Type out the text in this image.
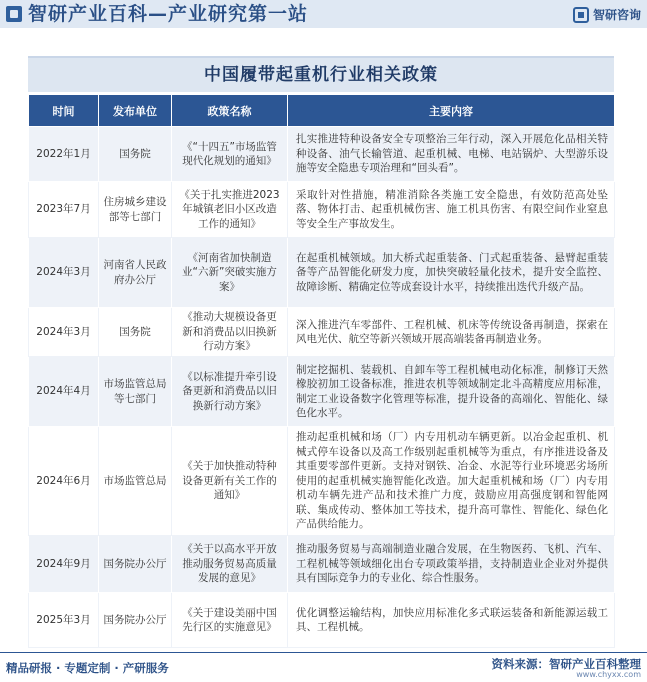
智研产业百科—产业研究第一站	智研咨询
中国履带起重机行业相关政策
时间	发布单位	政策名称	主要内容
2022年1月	国务院	《“十四五”市场监管现代化规划的通知》	扎实推进特种设备安全专项整治三年行动，深入开展危化品相关特种设备、油气长输管道、起重机械、电梯、电站锅炉、大型游乐设施等安全隐患专项治理和“回头看”。
2023年7月	住房城乡建设部等七部门	《关于扎实推进2023年城镇老旧小区改造工作的通知》	采取针对性措施，精准消除各类施工安全隐患，有效防范高处坠落、物体打击、起重机械伤害、施工机具伤害、有限空间作业窒息等安全生产事故发生。
2024年3月	河南省人民政府办公厅	《河南省加快制造业“六新”突破实施方案》	在起重机械领域。加大桥式起重装备、门式起重装备、悬臂起重装备等产品智能化研发力度，加快突破轻量化技术，提升安全监控、故障诊断、精确定位等成套设计水平，持续推出迭代升级产品。
2024年3月	国务院	《推动大规模设备更新和消费品以旧换新行动方案》	深入推进汽车零部件、工程机械、机床等传统设备再制造，探索在风电光伏、航空等新兴领域开展高端装备再制造业务。
2024年4月	市场监管总局等七部门	《以标准提升牵引设备更新和消费品以旧换新行动方案》	制定挖掘机、装载机、自卸车等工程机械电动化标准，制修订天然橡胶初加工设备标准，推进农机等领域制定北斗高精度应用标准，制定工业设备数字化管理等标准，提升设备的高端化、智能化、绿色化水平。
2024年6月	市场监管总局	《关于加快推动特种设备更新有关工作的通知》	推动起重机械和场（厂）内专用机动车辆更新。以冶金起重机、机械式停车设备以及高工作级别起重机械等为重点，有序推进设备及其重要零部件更新。支持对钢铁、冶金、水泥等行业环境恶劣场所使用的起重机械实施智能化改造。加大起重机械和场（厂）内专用机动车辆先进产品和技术推广力度，鼓励应用高强度钢和智能网联、集成传动、整体加工等技术，提升高可靠性、智能化、绿色化产品供给能力。
2024年9月	国务院办公厅	《关于以高水平开放推动服务贸易高质量发展的意见》	推动服务贸易与高端制造业融合发展，在生物医药、飞机、汽车、工程机械等领域细化出台专项政策举措，支持制造业企业对外提供具有国际竞争力的专业化、综合性服务。
2025年3月	国务院办公厅	《关于建设美丽中国先行区的实施意见》	优化调整运输结构，加快应用标准化多式联运装备和新能源运载工具、工程机械。
精品研报 · 专题定制 · 产研服务	资料来源：智研产业百科整理
www.chyxx.com
